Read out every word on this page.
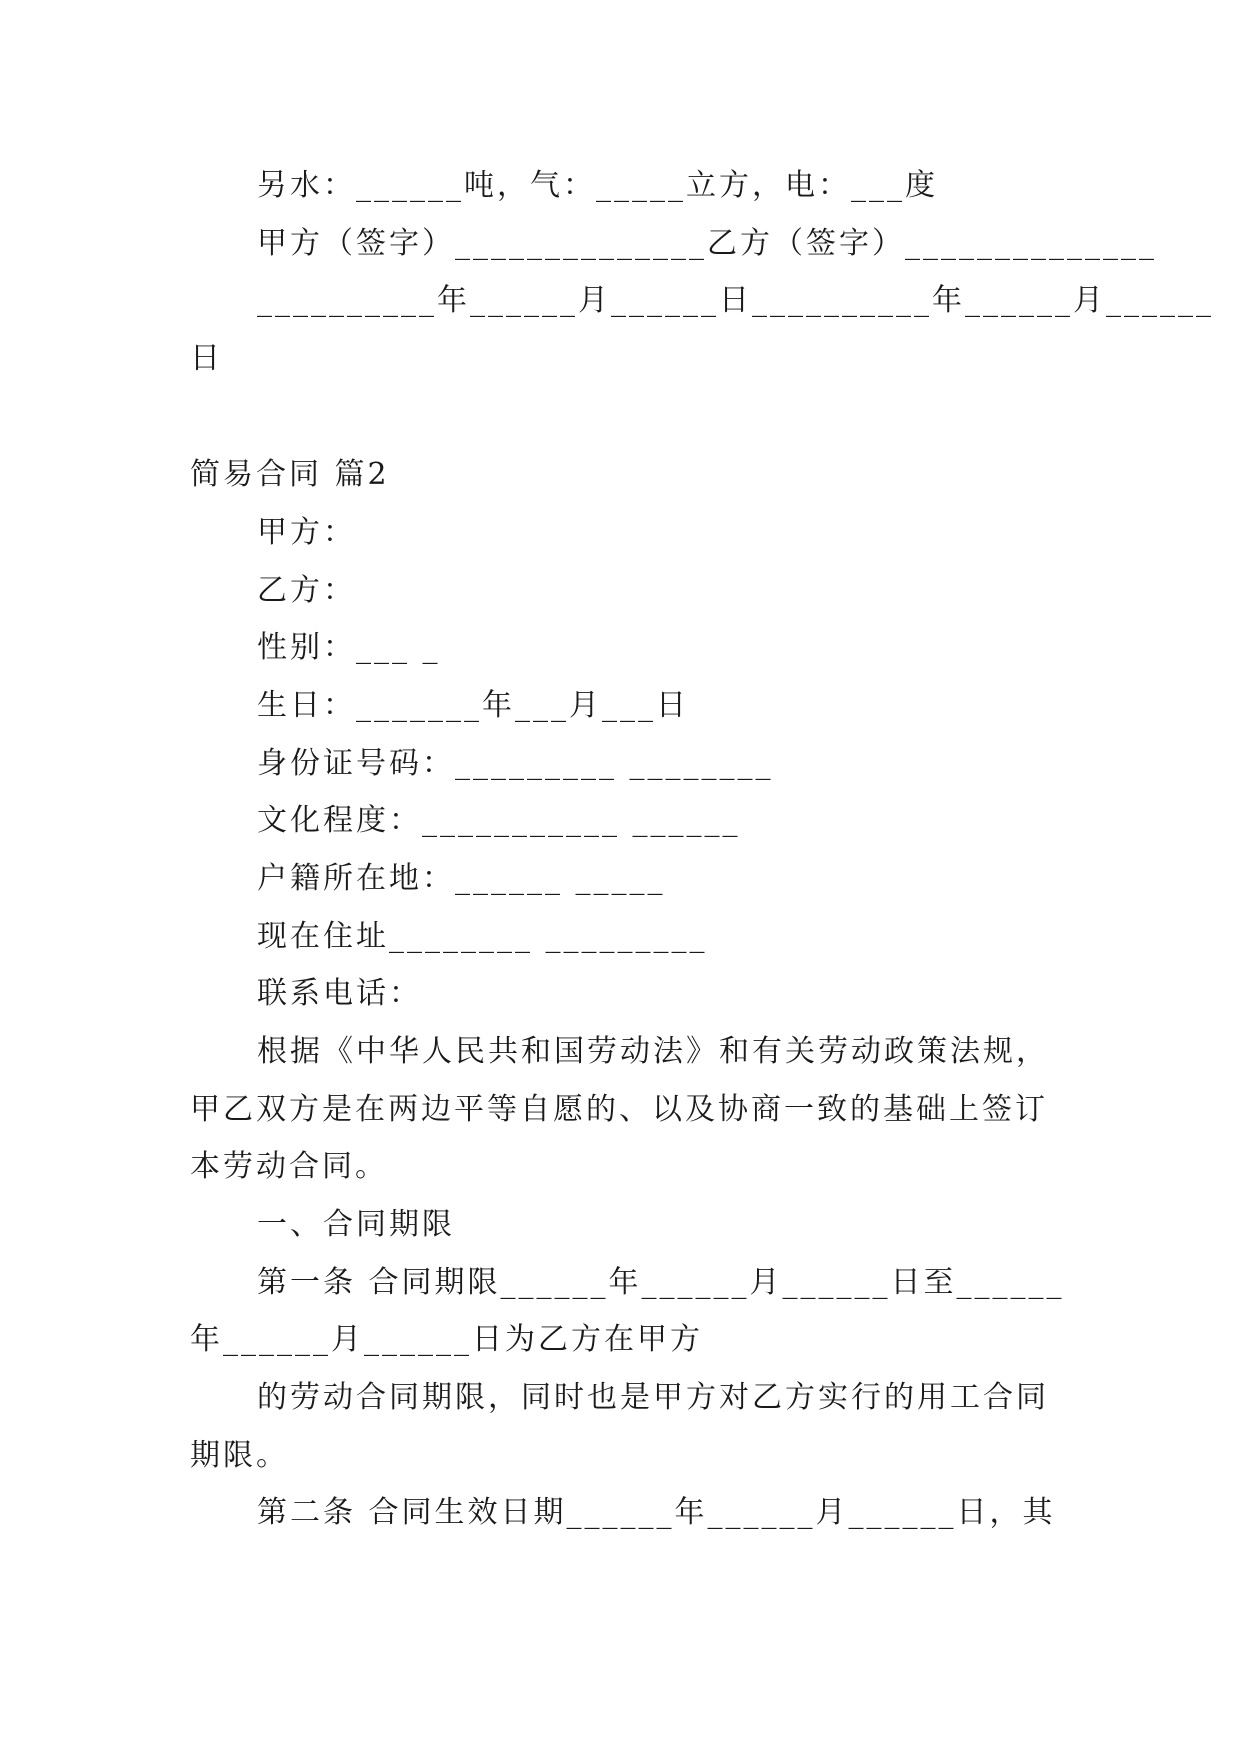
另水：______吨，气：_____立方，电：___度
甲方（签字）______________乙方（签字）______________
__________年______月______日__________年______月______
日
简易合同 篇2
甲方：
乙方：
性别：___ _
生日：_______年___月___日
身份证号码：_________ ________
文化程度：___________ ______
户籍所在地：______ _____
现在住址________ _________
联系电话：
根据《中华人民共和国劳动法》和有关劳动政策法规，
甲乙双方是在两边平等自愿的、以及协商一致的基础上签订
本劳动合同。
一、合同期限
第一条 合同期限______年______月______日至______
年______月______日为乙方在甲方
的劳动合同期限，同时也是甲方对乙方实行的用工合同
期限。
第二条 合同生效日期______年______月______日，其
